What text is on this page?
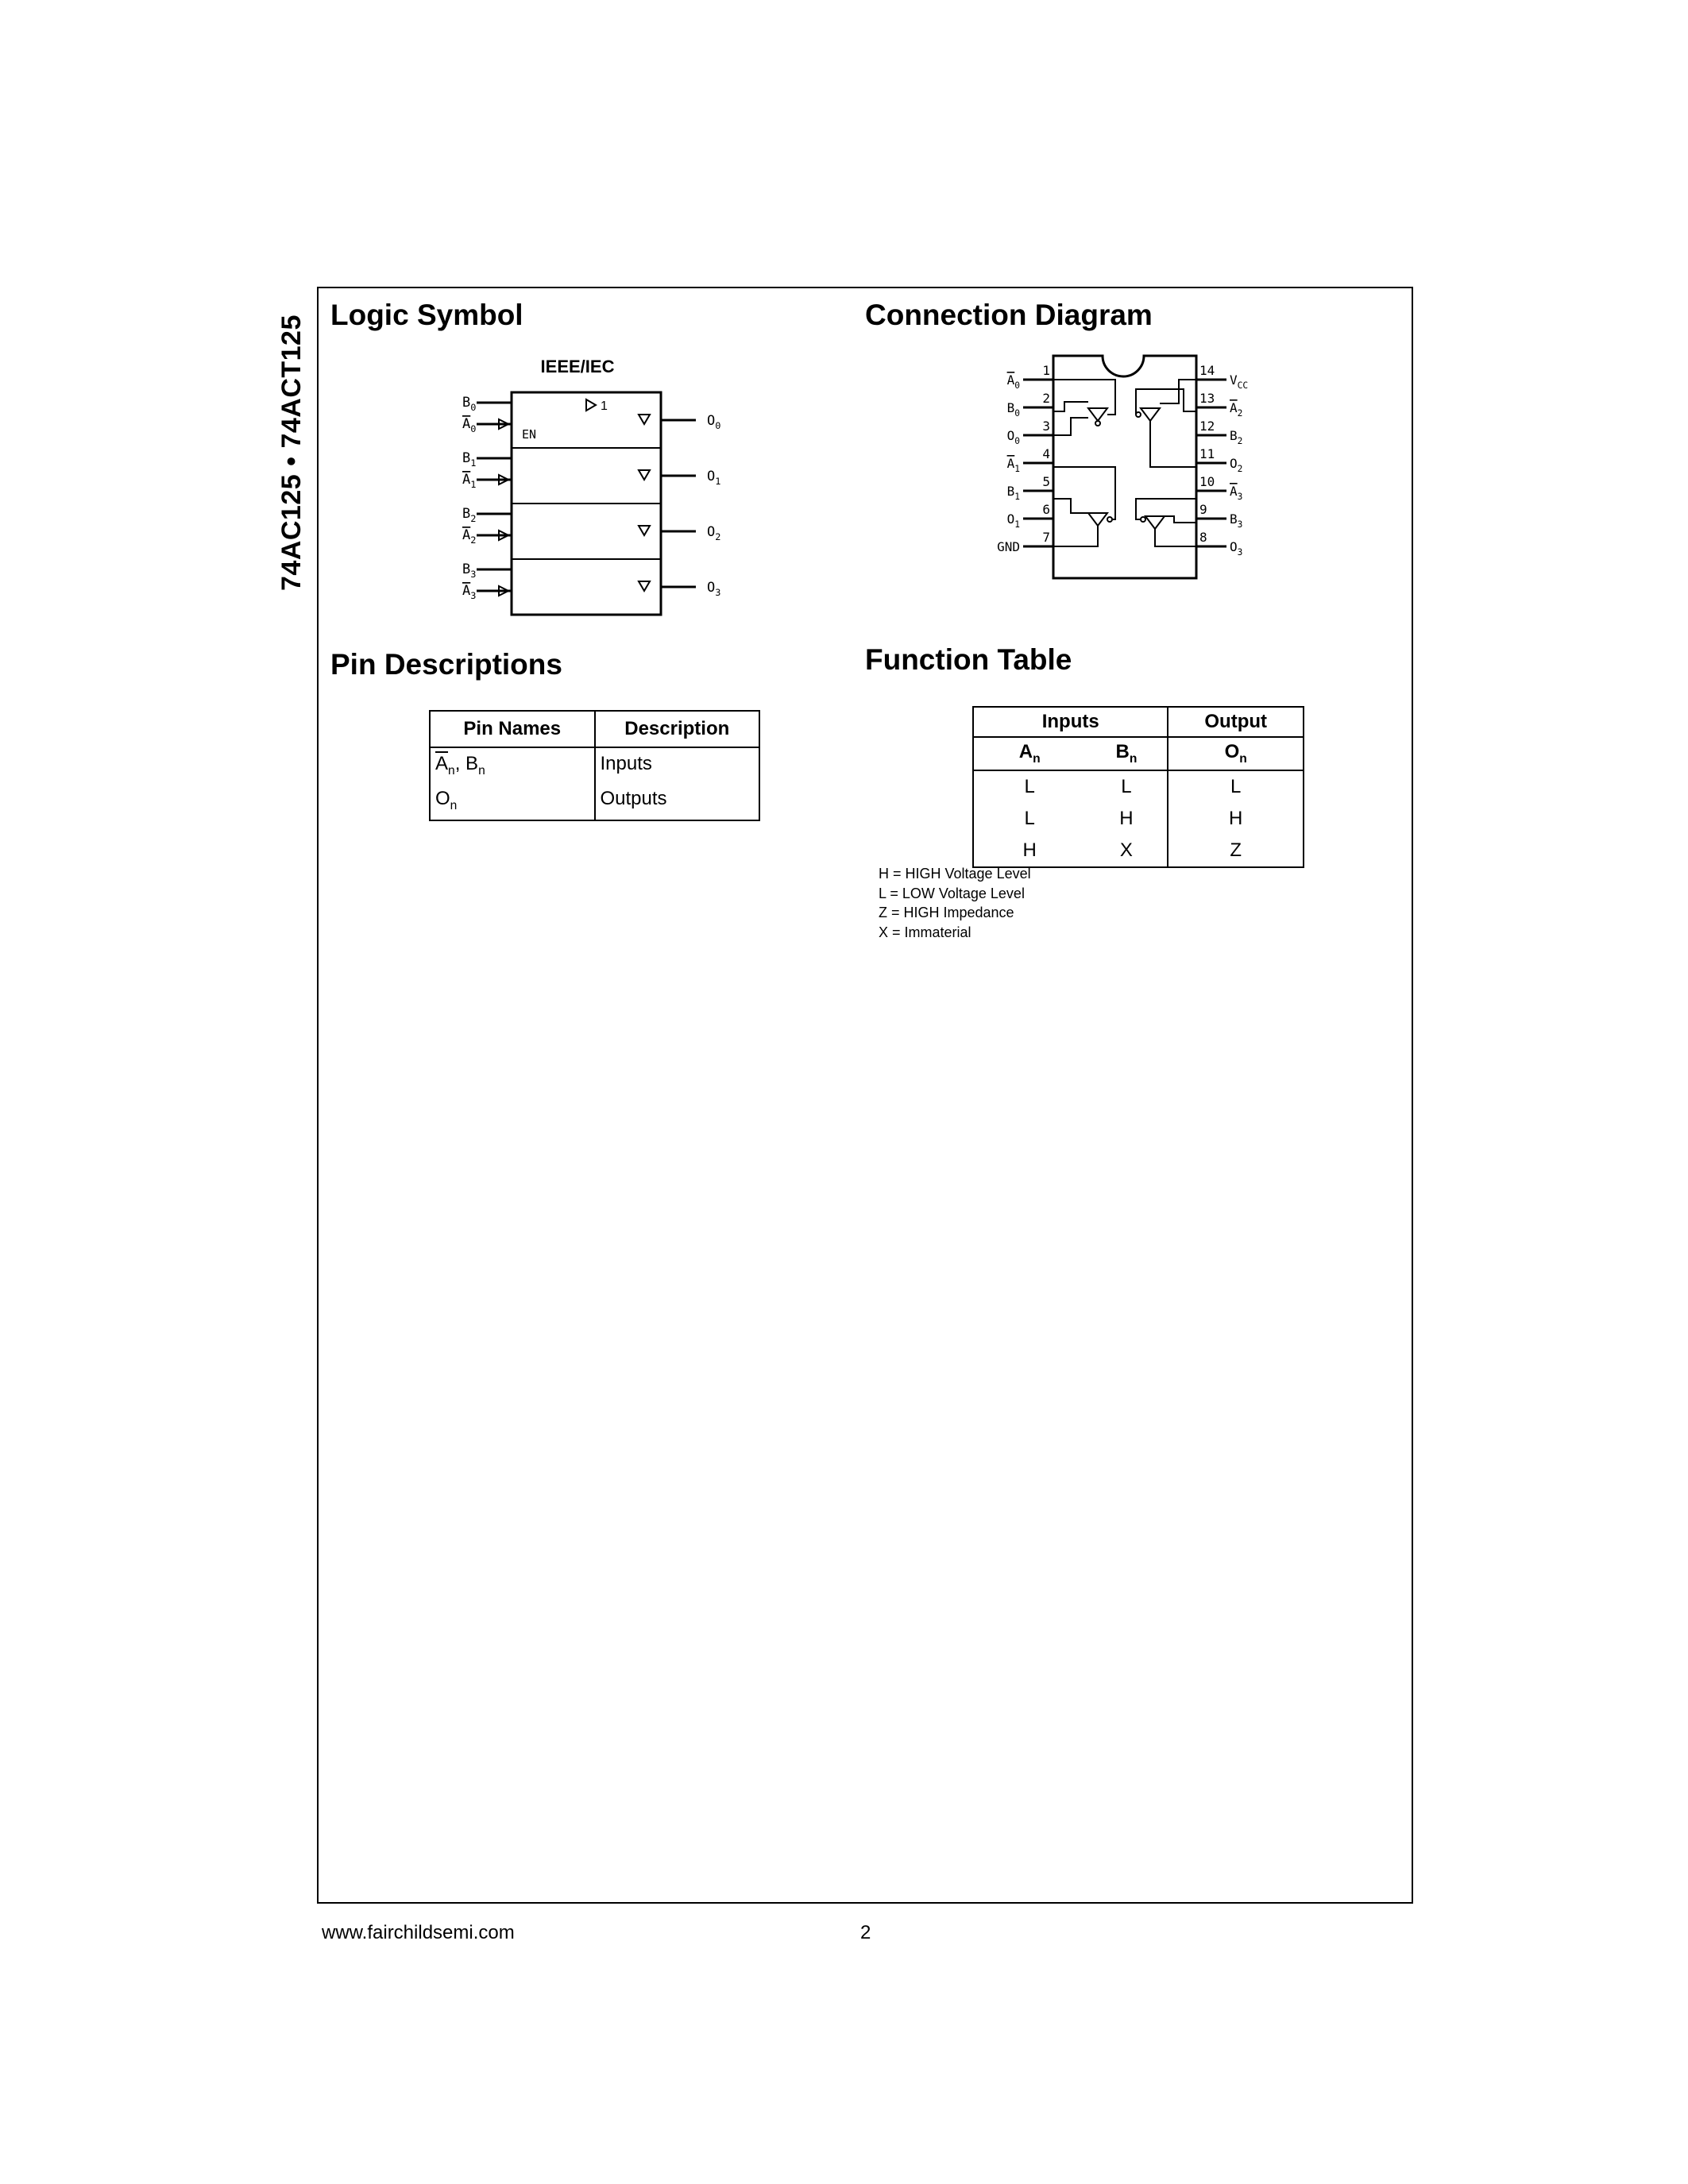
74AC125 • 74ACT125 Logic Symbol	Connection Diagram
Pin Descriptions	Function Table
IEEE/IEC
1
EN
$B_0$
$A_0$	$O_0$
$B_1$
$A_1$	$O_1$
$B_2$
$A_2$	$O_2$
$B_3$
$A_3$	$O_3$
1
$A_0$
2
$B_0$
3
$O_0$
4
$A_1$
5
$B_1$
6
$O_1$
7
GND
14
$V_{CC}$
13
$A_2$
12
$B_2$
11
$O_2$
10
$A_3$
9
$B_3$
8
$O_3$
Pin Names	Description
$\overline{A}_n$, $B_n$	Inputs
$O_n$	Outputs
Inputs		Output
$A_n$	$B_n$	$O_n$
L	L	L
L	H	H
H	X	Z
H = HIGH Voltage Level
L = LOW Voltage Level
Z = HIGH Impedance
X = Immaterial
www.fairchildsemi.com	2
